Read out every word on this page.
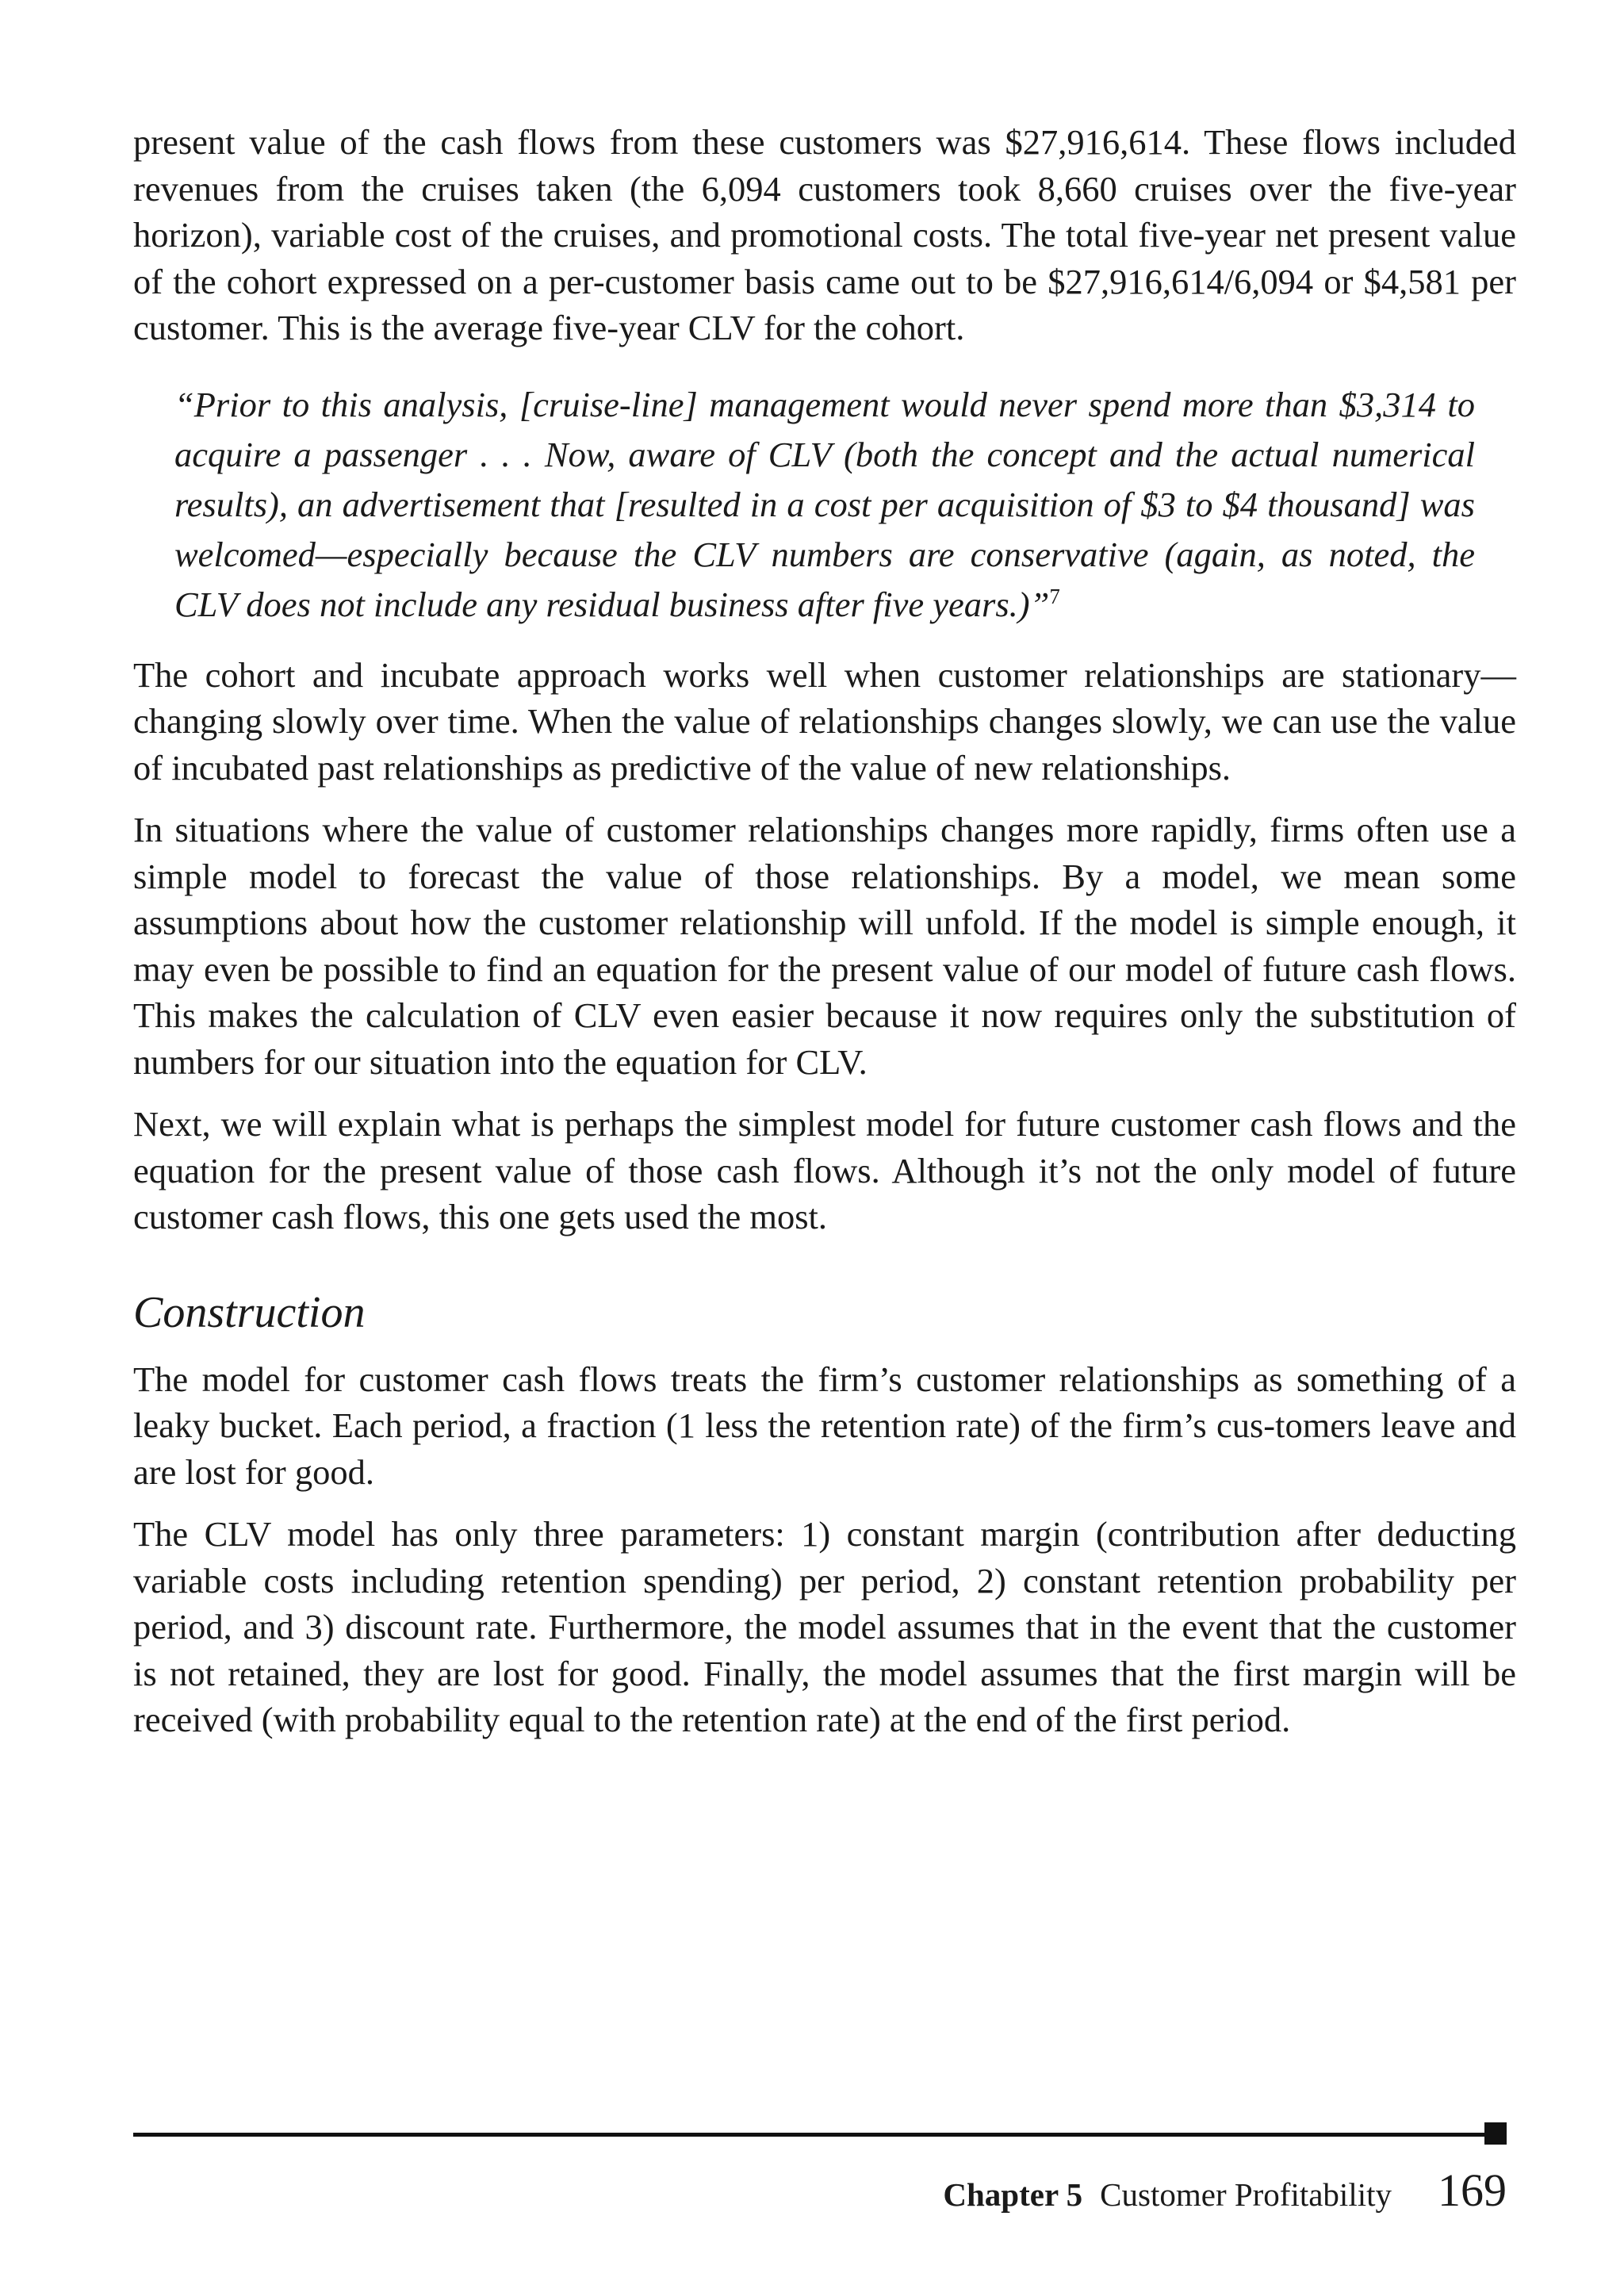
present value of the cash flows from these customers was $27,916,614. These flows included revenues from the cruises taken (the 6,094 customers took 8,660 cruises over the five-year horizon), variable cost of the cruises, and promotional costs. The total five-year net present value of the cohort expressed on a per-customer basis came out to be $27,916,614/6,094 or $4,581 per customer. This is the average five-year CLV for the cohort.

“Prior to this analysis, [cruise-line] management would never spend more than $3,314 to acquire a passenger . . . Now, aware of CLV (both the concept and the actual numerical results), an advertisement that [resulted in a cost per acquisition of $3 to $4 thousand] was welcomed—especially because the CLV numbers are conservative (again, as noted, the CLV does not include any residual business after five years.)”$^7$

The cohort and incubate approach works well when customer relationships are stationary—changing slowly over time. When the value of relationships changes slowly, we can use the value of incubated past relationships as predictive of the value of new relationships.

In situations where the value of customer relationships changes more rapidly, firms often use a simple model to forecast the value of those relationships. By a model, we mean some assumptions about how the customer relationship will unfold. If the model is simple enough, it may even be possible to find an equation for the present value of our model of future cash flows. This makes the calculation of CLV even easier because it now requires only the substitution of numbers for our situation into the equation for CLV.

Next, we will explain what is perhaps the simplest model for future customer cash flows and the equation for the present value of those cash flows. Although it’s not the only model of future customer cash flows, this one gets used the most.

Construction

The model for customer cash flows treats the firm’s customer relationships as something of a leaky bucket. Each period, a fraction (1 less the retention rate) of the firm’s cus-tomers leave and are lost for good.

The CLV model has only three parameters: 1) constant margin (contribution after deducting variable costs including retention spending) per period, 2) constant retention probability per period, and 3) discount rate. Furthermore, the model assumes that in the event that the customer is not retained, they are lost for good. Finally, the model assumes that the first margin will be received (with probability equal to the retention rate) at the end of the first period.

Chapter 5 Customer Profitability 169
